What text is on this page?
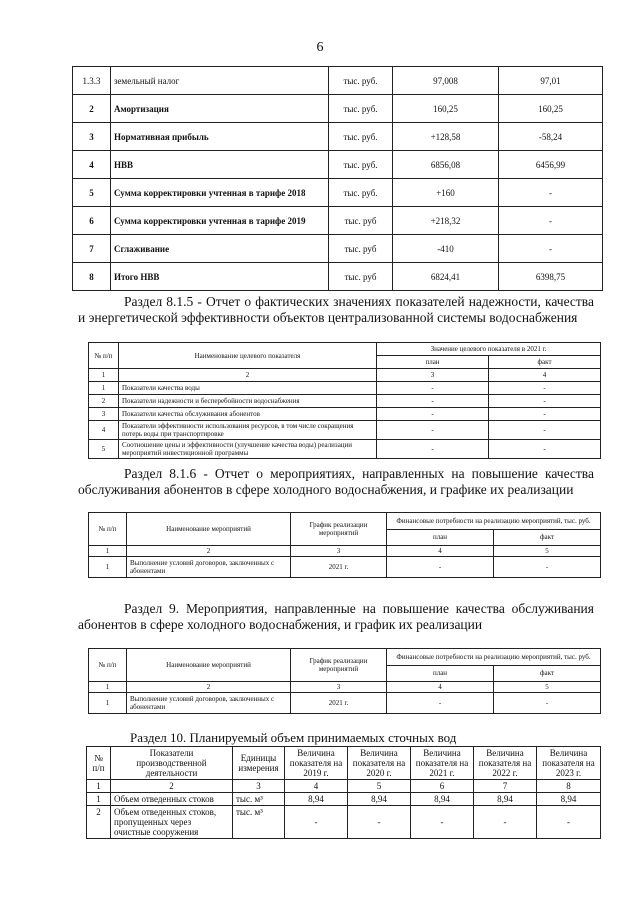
6
1.3.3	земельный налог	тыс. руб.	97,008	97,01
2	Амортизация	тыс. руб.	160,25	160,25
3	Нормативная прибыль	тыс. руб.	+128,58	-58,24
4	НВВ	тыс. руб.	6856,08	6456,99
5	Сумма корректировки учтенная в тарифе 2018	тыс. руб.	+160	-
6	Сумма корректировки учтенная в тарифе 2019	тыс. руб	+218,32	-
7	Сглаживание	тыс. руб	-410	-
8	Итого НВВ	тыс. руб	6824,41	6398,75
Раздел 8.1.5 - Отчет о фактических значениях показателей надежности, качества и энергетической эффективности объектов централизованной системы водоснабжения
№ п/п	Наименование целевого показателя	Значение целевого показателя в 2021 г.	
		план	факт
1	2	3	4
1	Показатели качества воды	-	-
2	Показатели надежности и бесперебойности водоснабжения	-	-
3	Показатели качества обслуживания абонентов	-	-
4	Показатели эффективности использования ресурсов, в том числе сокращения потерь воды при транспортировке	-	-
5	Соотношение цены и эффективности (улучшение качества воды) реализации мероприятий инвестиционной программы	-	-
Раздел 8.1.6 - Отчет о мероприятиях, направленных на повышение качества обслуживания абонентов в сфере холодного водоснабжения, и графике их реализации
№ п/п	Наименование мероприятий	График реализации мероприятий	Финансовые потребности на реализацию мероприятий, тыс. руб.	
			план	факт
1	2	3	4	5
1	Выполнение условий договоров, заключенных с абонентами	2021 г.	-	-
Раздел 9. Мероприятия, направленные на повышение качества обслуживания абонентов в сфере холодного водоснабжения, и график их реализации
№ п/п	Наименование мероприятий	График реализации мероприятий	Финансовые потребности на реализацию мероприятий, тыс. руб.	
			план	факт
1	2	3	4	5
1	Выполнение условий договоров, заключенных с абонентами	2021 г.	-	-
Раздел 10. Планируемый объем принимаемых сточных вод
№ п/п	Показатели производственной деятельности	Единицы измерения	Величина показателя на 2019 г.	Величина показателя на 2020 г.	Величина показателя на 2021 г.	Величина показателя на 2022 г.	Величина показателя на 2023 г.
1	2	3	4	5	6	7	8
1	Объем отведенных стоков	тыс. м³	8,94	8,94	8,94	8,94	8,94
2	Объем отведенных стоков, пропущенных через очистные сооружения	тыс. м³	-	-	-	-	-
